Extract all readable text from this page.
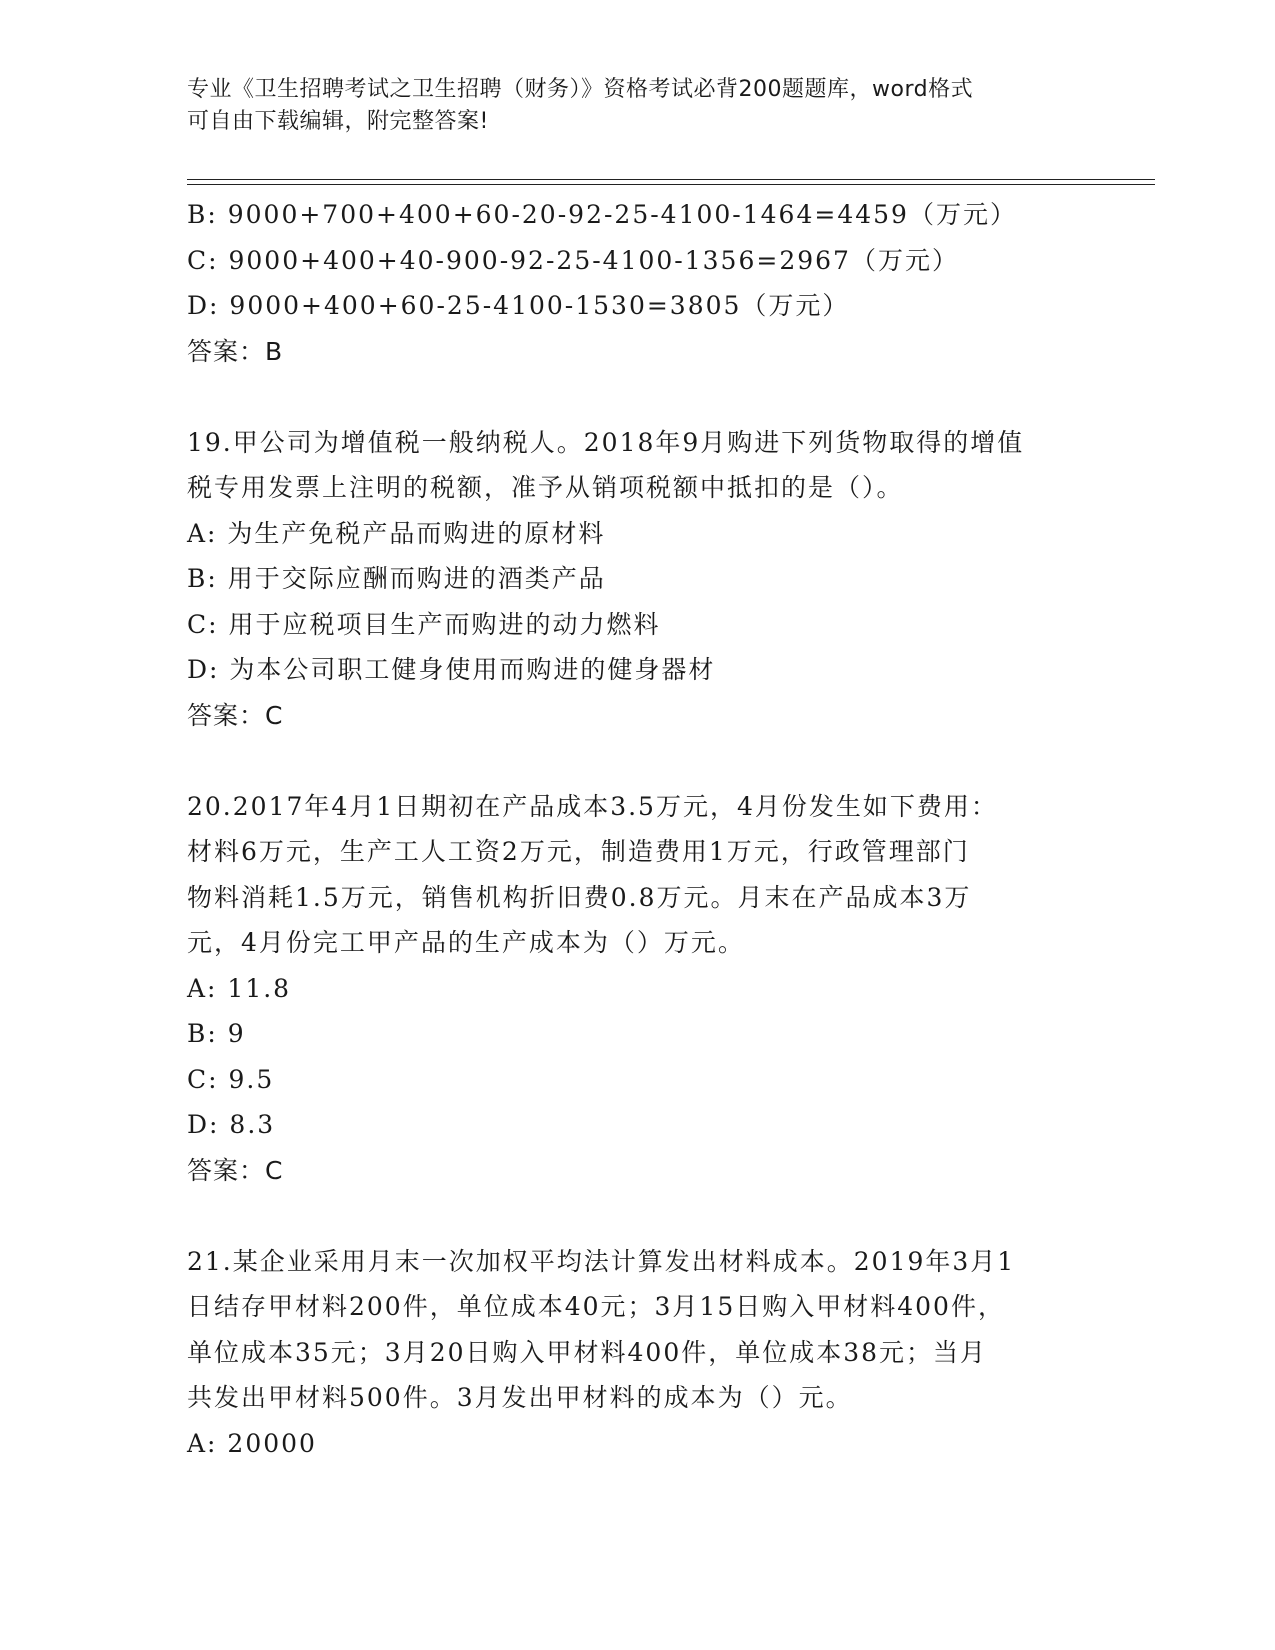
专业《卫生招聘考试之卫生招聘（财务）》资格考试必背200题题库，word格式
可自由下载编辑，附完整答案!
B: 9000+700+400+60-20-92-25-4100-1464=4459（万元）
C: 9000+400+40-900-92-25-4100-1356=2967（万元）
D: 9000+400+60-25-4100-1530=3805（万元）
答案：B
19.甲公司为增值税一般纳税人。2018年9月购进下列货物取得的增值
税专用发票上注明的税额，准予从销项税额中抵扣的是（）。
A: 为生产免税产品而购进的原材料
B: 用于交际应酬而购进的酒类产品
C: 用于应税项目生产而购进的动力燃料
D: 为本公司职工健身使用而购进的健身器材
答案：C
20.2017年4月1日期初在产品成本3.5万元，4月份发生如下费用：
材料6万元，生产工人工资2万元，制造费用1万元，行政管理部门
物料消耗1.5万元，销售机构折旧费0.8万元。月末在产品成本3万
元，4月份完工甲产品的生产成本为（）万元。
A: 11.8
B: 9
C: 9.5
D: 8.3
答案：C
21.某企业采用月末一次加权平均法计算发出材料成本。2019年3月1
日结存甲材料200件，单位成本40元；3月15日购入甲材料400件，
单位成本35元；3月20日购入甲材料400件，单位成本38元；当月
共发出甲材料500件。3月发出甲材料的成本为（）元。
A: 20000
